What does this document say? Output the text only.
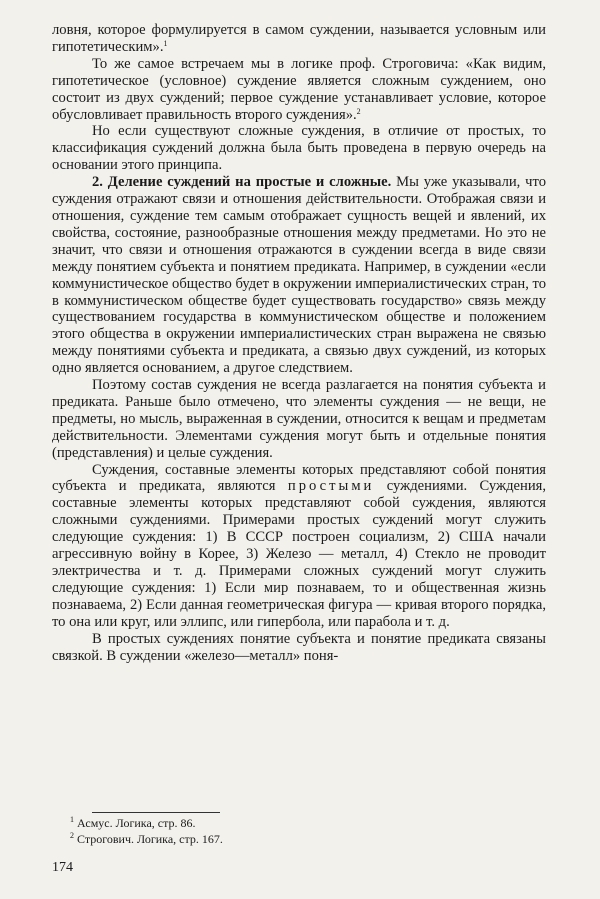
ловня, которое формулируется в самом суждении, называется условным или гипотетическим».$^1$

То же самое встречаем мы в логике проф. Строговича: «Как видим, гипотетическое (условное) суждение является сложным суждением, оно состоит из двух суждений; первое суждение устанавливает условие, которое обусловливает правильность второго суждения».$^2$

Но если существуют сложные суждения, в отличие от простых, то классификация суждений должна была быть проведена в первую очередь на основании этого принципа.

2. Деление суждений на простые и сложные. Мы уже указывали, что суждения отражают связи и отношения действительности. Отображая связи и отношения, суждение тем самым отображает сущность вещей и явлений, их свойства, состояние, разнообразные отношения между предметами. Но это не значит, что связи и отношения отражаются в суждении всегда в виде связи между понятием субъекта и понятием предиката. Например, в суждении «если коммунистическое общество будет в окружении империалистических стран, то в коммунистическом обществе будет существовать государство» связь между существованием государства в коммунистическом обществе и положением этого общества в окружении империалистических стран выражена не связью между понятиями субъекта и предиката, а связью двух суждений, из которых одно является основанием, а другое следствием.

Поэтому состав суждения не всегда разлагается на понятия субъекта и предиката. Раньше было отмечено, что элементы суждения — не вещи, не предметы, но мысль, выраженная в суждении, относится к вещам и предметам действительности. Элементами суждения могут быть и отдельные понятия (представления) и целые суждения.

Суждения, составные элементы которых представляют собой понятия субъекта и предиката, являются простыми суждениями. Суждения, составные элементы которых представляют собой суждения, являются сложными суждениями. Примерами простых суждений могут служить следующие суждения: 1) В СССР построен социализм, 2) США начали агрессивную войну в Корее, 3) Железо — металл, 4) Стекло не проводит электричества и т. д. Примерами сложных суждений могут служить следующие суждения: 1) Если мир познаваем, то и общественная жизнь познаваема, 2) Если данная геометрическая фигура — кривая второго порядка, то она или круг, или эллипс, или гипербола, или парабола и т. д.

В простых суждениях понятие субъекта и понятие предиката связаны связкой. В суждении «железо—металл» поня-

$^1$ Асмус. Логика, стр. 86.
$^2$ Строгович. Логика, стр. 167.
174
